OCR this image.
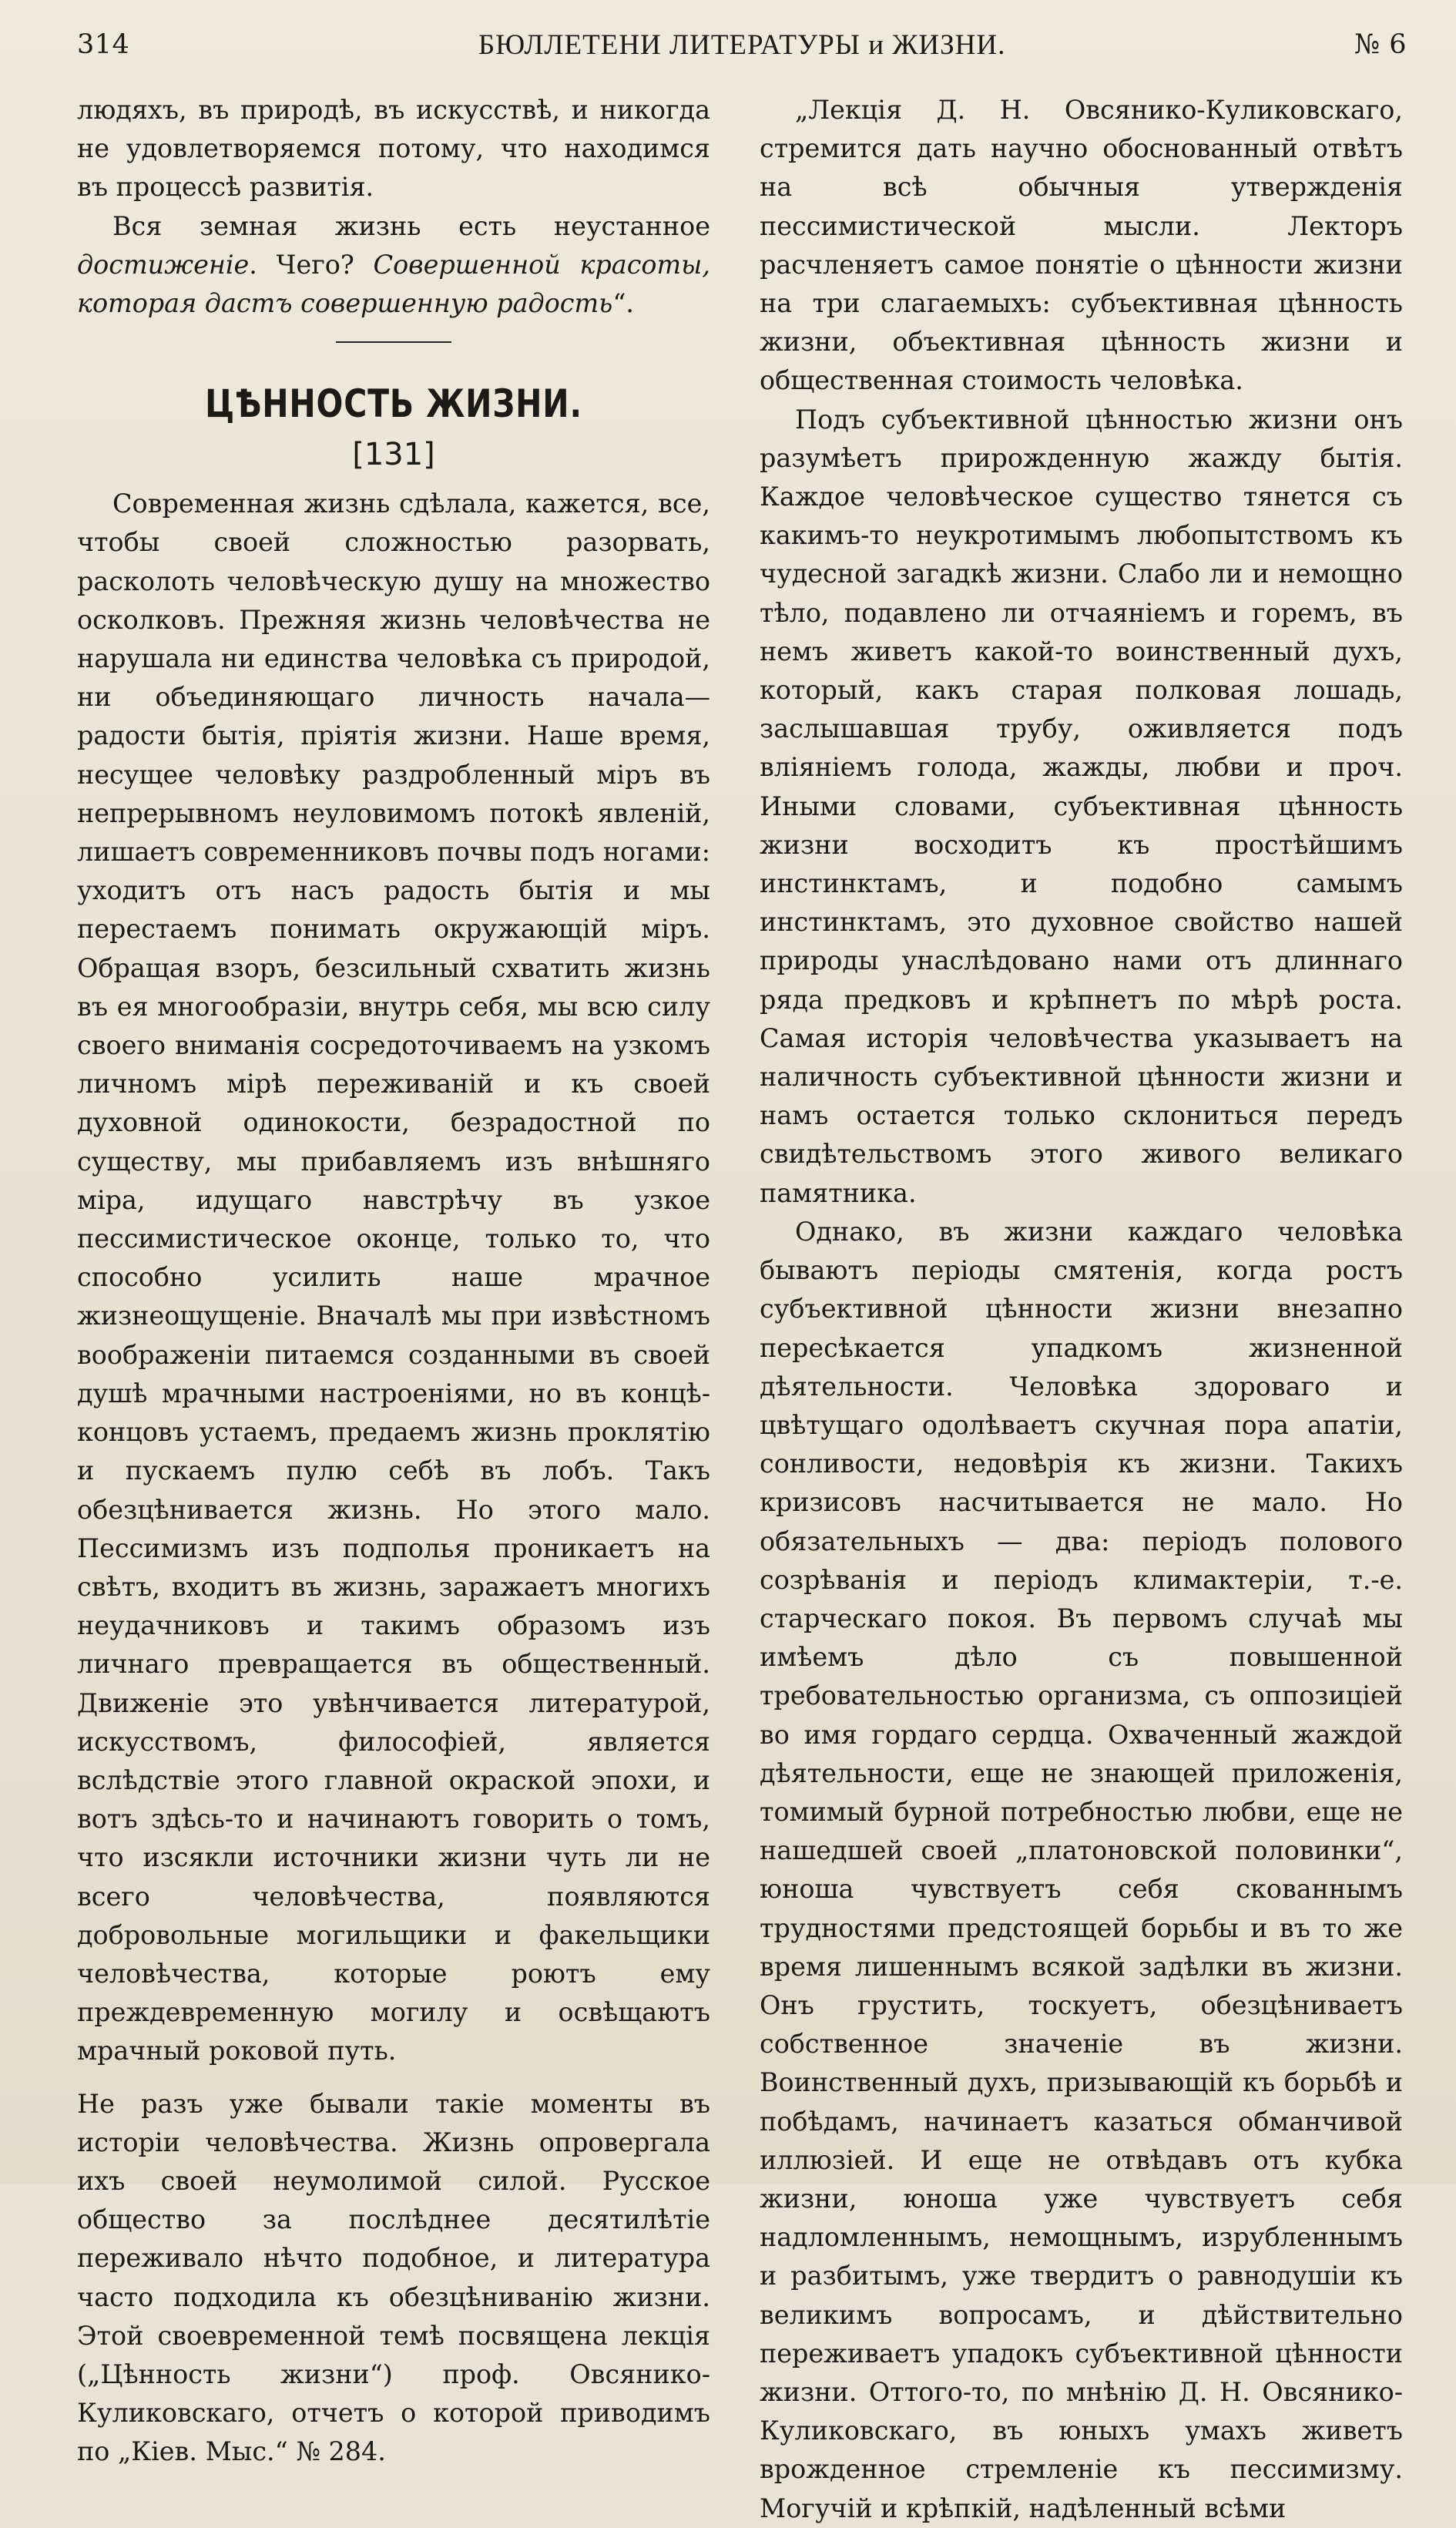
314	БЮЛЛЕТЕНИ ЛИТЕРАТУРЫ и ЖИЗНИ.	№ 6

людяхъ, въ природѣ, въ искусствѣ, и никогда не удовлетворяемся потому, что находимся въ процессѣ развитія.

Вся земная жизнь есть неустанное достиженіе. Чего? Совершенной красоты, которая дастъ совершенную радость“.

ЦѢННОСТЬ ЖИЗНИ.
[131]

Современная жизнь сдѣлала, кажется, все, чтобы своей сложностью разорвать, расколоть человѣческую душу на множество осколковъ. Прежняя жизнь человѣчества не нарушала ни единства человѣка съ природой, ни объединяющаго личность начала—радости бытія, пріятія жизни. Наше время, несущее человѣку раздробленный міръ въ непрерывномъ неуловимомъ потокѣ явленій, лишаетъ современниковъ почвы подъ ногами: уходитъ отъ насъ радость бытія и мы перестаемъ понимать окружающій міръ. Обращая взоръ, безсильный схватить жизнь въ ея многообразіи, внутрь себя, мы всю силу своего вниманія сосредоточиваемъ на узкомъ личномъ мірѣ переживаній и къ своей духовной одинокости, безрадостной по существу, мы прибавляемъ изъ внѣшняго міра, идущаго навстрѣчу въ узкое пессимистическое оконце, только то, что способно усилить наше мрачное жизнеощущеніе. Вначалѣ мы при извѣстномъ воображеніи питаемся созданными въ своей душѣ мрачными настроеніями, но въ концѣ-концовъ устаемъ, предаемъ жизнь проклятію и пускаемъ пулю себѣ въ лобъ. Такъ обезцѣнивается жизнь. Но этого мало. Пессимизмъ изъ подполья проникаетъ на свѣтъ, входитъ въ жизнь, заражаетъ многихъ неудачниковъ и такимъ образомъ изъ личнаго превращается въ общественный. Движеніе это увѣнчивается литературой, искусствомъ, философіей, является вслѣдствіе этого главной окраской эпохи, и вотъ здѣсь-то и начинаютъ говорить о томъ, что изсякли источники жизни чуть ли не всего человѣчества, появляются добровольные могильщики и факельщики человѣчества, которые роютъ ему преждевременную могилу и освѣщаютъ мрачный роковой путь.

Не разъ уже бывали такіе моменты въ исторіи человѣчества. Жизнь опровергала ихъ своей неумолимой силой. Русское общество за послѣднее десятилѣтіе переживало нѣчто подобное, и литература часто подходила къ обезцѣниванію жизни. Этой своевременной темѣ посвящена лекція („Цѣнность жизни“) проф. Овсянико-Куликовскаго, отчетъ о которой приводимъ по „Кіев. Мыс.“ № 284.

„Лекція Д. Н. Овсянико-Куликовскаго, стремится дать научно обоснованный отвѣтъ на всѣ обычныя утвержденія пессимистической мысли. Лекторъ расчленяетъ самое понятіе о цѣнности жизни на три слагаемыхъ: субъективная цѣнность жизни, объективная цѣнность жизни и общественная стоимость человѣка.

Подъ субъективной цѣнностью жизни онъ разумѣетъ прирожденную жажду бытія. Каждое человѣческое существо тянется съ какимъ-то неукротимымъ любопытствомъ къ чудесной загадкѣ жизни. Слабо ли и немощно тѣло, подавлено ли отчаяніемъ и горемъ, въ немъ живетъ какой-то воинственный духъ, который, какъ старая полковая лошадь, заслышавшая трубу, оживляется подъ вліяніемъ голода, жажды, любви и проч. Иными словами, субъективная цѣнность жизни восходитъ къ простѣйшимъ инстинктамъ, и подобно самымъ инстинктамъ, это духовное свойство нашей природы унаслѣдовано нами отъ длиннаго ряда предковъ и крѣпнетъ по мѣрѣ роста. Самая исторія человѣчества указываетъ на наличность субъективной цѣнности жизни и намъ остается только склониться передъ свидѣтельствомъ этого живого великаго памятника.

Однако, въ жизни каждаго человѣка бываютъ періоды смятенія, когда ростъ субъективной цѣнности жизни внезапно пересѣкается упадкомъ жизненной дѣятельности. Человѣка здороваго и цвѣтущаго одолѣваетъ скучная пора апатіи, сонливости, недовѣрія къ жизни. Такихъ кризисовъ насчитывается не мало. Но обязательныхъ — два: періодъ полового созрѣванія и періодъ климактеріи, т.-е. старческаго покоя. Въ первомъ случаѣ мы имѣемъ дѣло съ повышенной требовательностью организма, съ оппозиціей во имя гордаго сердца. Охваченный жаждой дѣятельности, еще не знающей приложенія, томимый бурной потребностью любви, еще не нашедшей своей „платоновской половинки“, юноша чувствуетъ себя скованнымъ трудностями предстоящей борьбы и въ то же время лишеннымъ всякой задѣлки въ жизни. Онъ грустить, тоскуетъ, обезцѣниваетъ собственное значеніе въ жизни. Воинственный духъ, призывающій къ борьбѣ и побѣдамъ, начинаетъ казаться обманчивой иллюзіей. И еще не отвѣдавъ отъ кубка жизни, юноша уже чувствуетъ себя надломленнымъ, немощнымъ, изрубленнымъ и разбитымъ, уже твердитъ о равнодушіи къ великимъ вопросамъ, и дѣйствительно переживаетъ упадокъ субъективной цѣнности жизни. Оттого-то, по мнѣнію Д. Н. Овсянико-Куликовскаго, въ юныхъ умахъ живетъ врожденное стремленіе къ пессимизму. Могучій и крѣпкій, надѣленный всѣми
